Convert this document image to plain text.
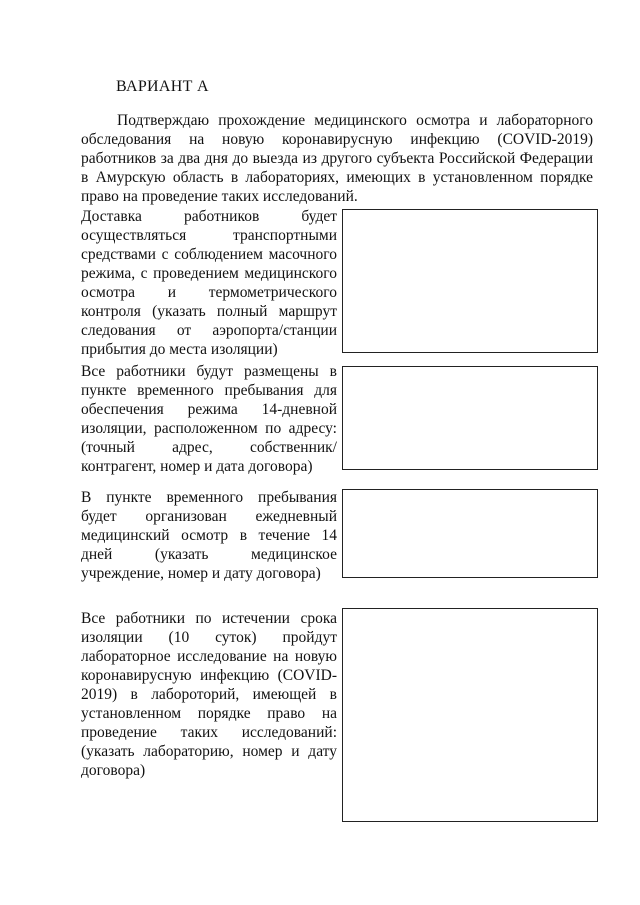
ВАРИАНТ А
Подтверждаю прохождение медицинского осмотра и лабораторного обследования на новую коронавирусную инфекцию (COVID-2019) работников за два дня до выезда из другого субъекта Российской Федерации в Амурскую область в лабораториях, имеющих в установленном порядке право на проведение таких исследований.
Доставка работников будет осуществляться транспортными средствами с соблюдением масочного режима, с проведением медицинского осмотра и термометрического контроля (указать полный маршрут следования от аэропорта/станции прибытия до места изоляции)
Все работники будут размещены в пункте временного пребывания для обеспечения режима 14-дневной изоляции, расположенном по адресу: (точный адрес, собственник/ контрагент, номер и дата договора)
В пункте временного пребывания будет организован ежедневный медицинский осмотр в течение 14 дней (указать медицинское учреждение, номер и дату договора)
Все работники по истечении срока изоляции (10 суток) пройдут лабораторное исследование на новую коронавирусную инфекцию (COVID-2019) в лабороторий, имеющей в установленном порядке право на проведение таких исследований: (указать лабораторию, номер и дату договора)
